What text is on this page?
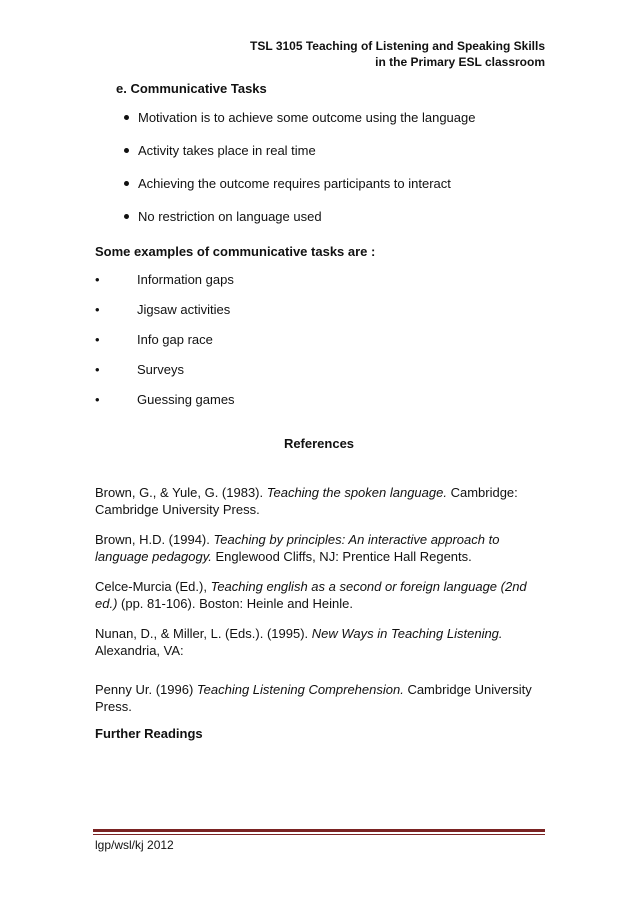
TSL 3105 Teaching of Listening and Speaking Skills
in the Primary ESL classroom
e. Communicative Tasks
Motivation is to achieve some outcome using the language
Activity takes place in real time
Achieving the outcome requires participants to interact
No restriction on language used
Some examples of communicative tasks are :
•	Information gaps
•	Jigsaw activities
•	Info gap race
•	Surveys
•	Guessing games
References

Brown, G., & Yule, G. (1983). Teaching the spoken language. Cambridge: Cambridge University Press.

Brown, H.D. (1994). Teaching by principles: An interactive approach to language pedagogy. Englewood Cliffs, NJ: Prentice Hall Regents.

Celce-Murcia (Ed.), Teaching english as a second or foreign language (2nd ed.) (pp. 81-106). Boston: Heinle and Heinle.

Nunan, D., & Miller, L. (Eds.). (1995). New Ways in Teaching Listening. Alexandria, VA:

Penny Ur. (1996) Teaching Listening Comprehension. Cambridge University Press.

Further Readings
lgp/wsl/kj 2012
